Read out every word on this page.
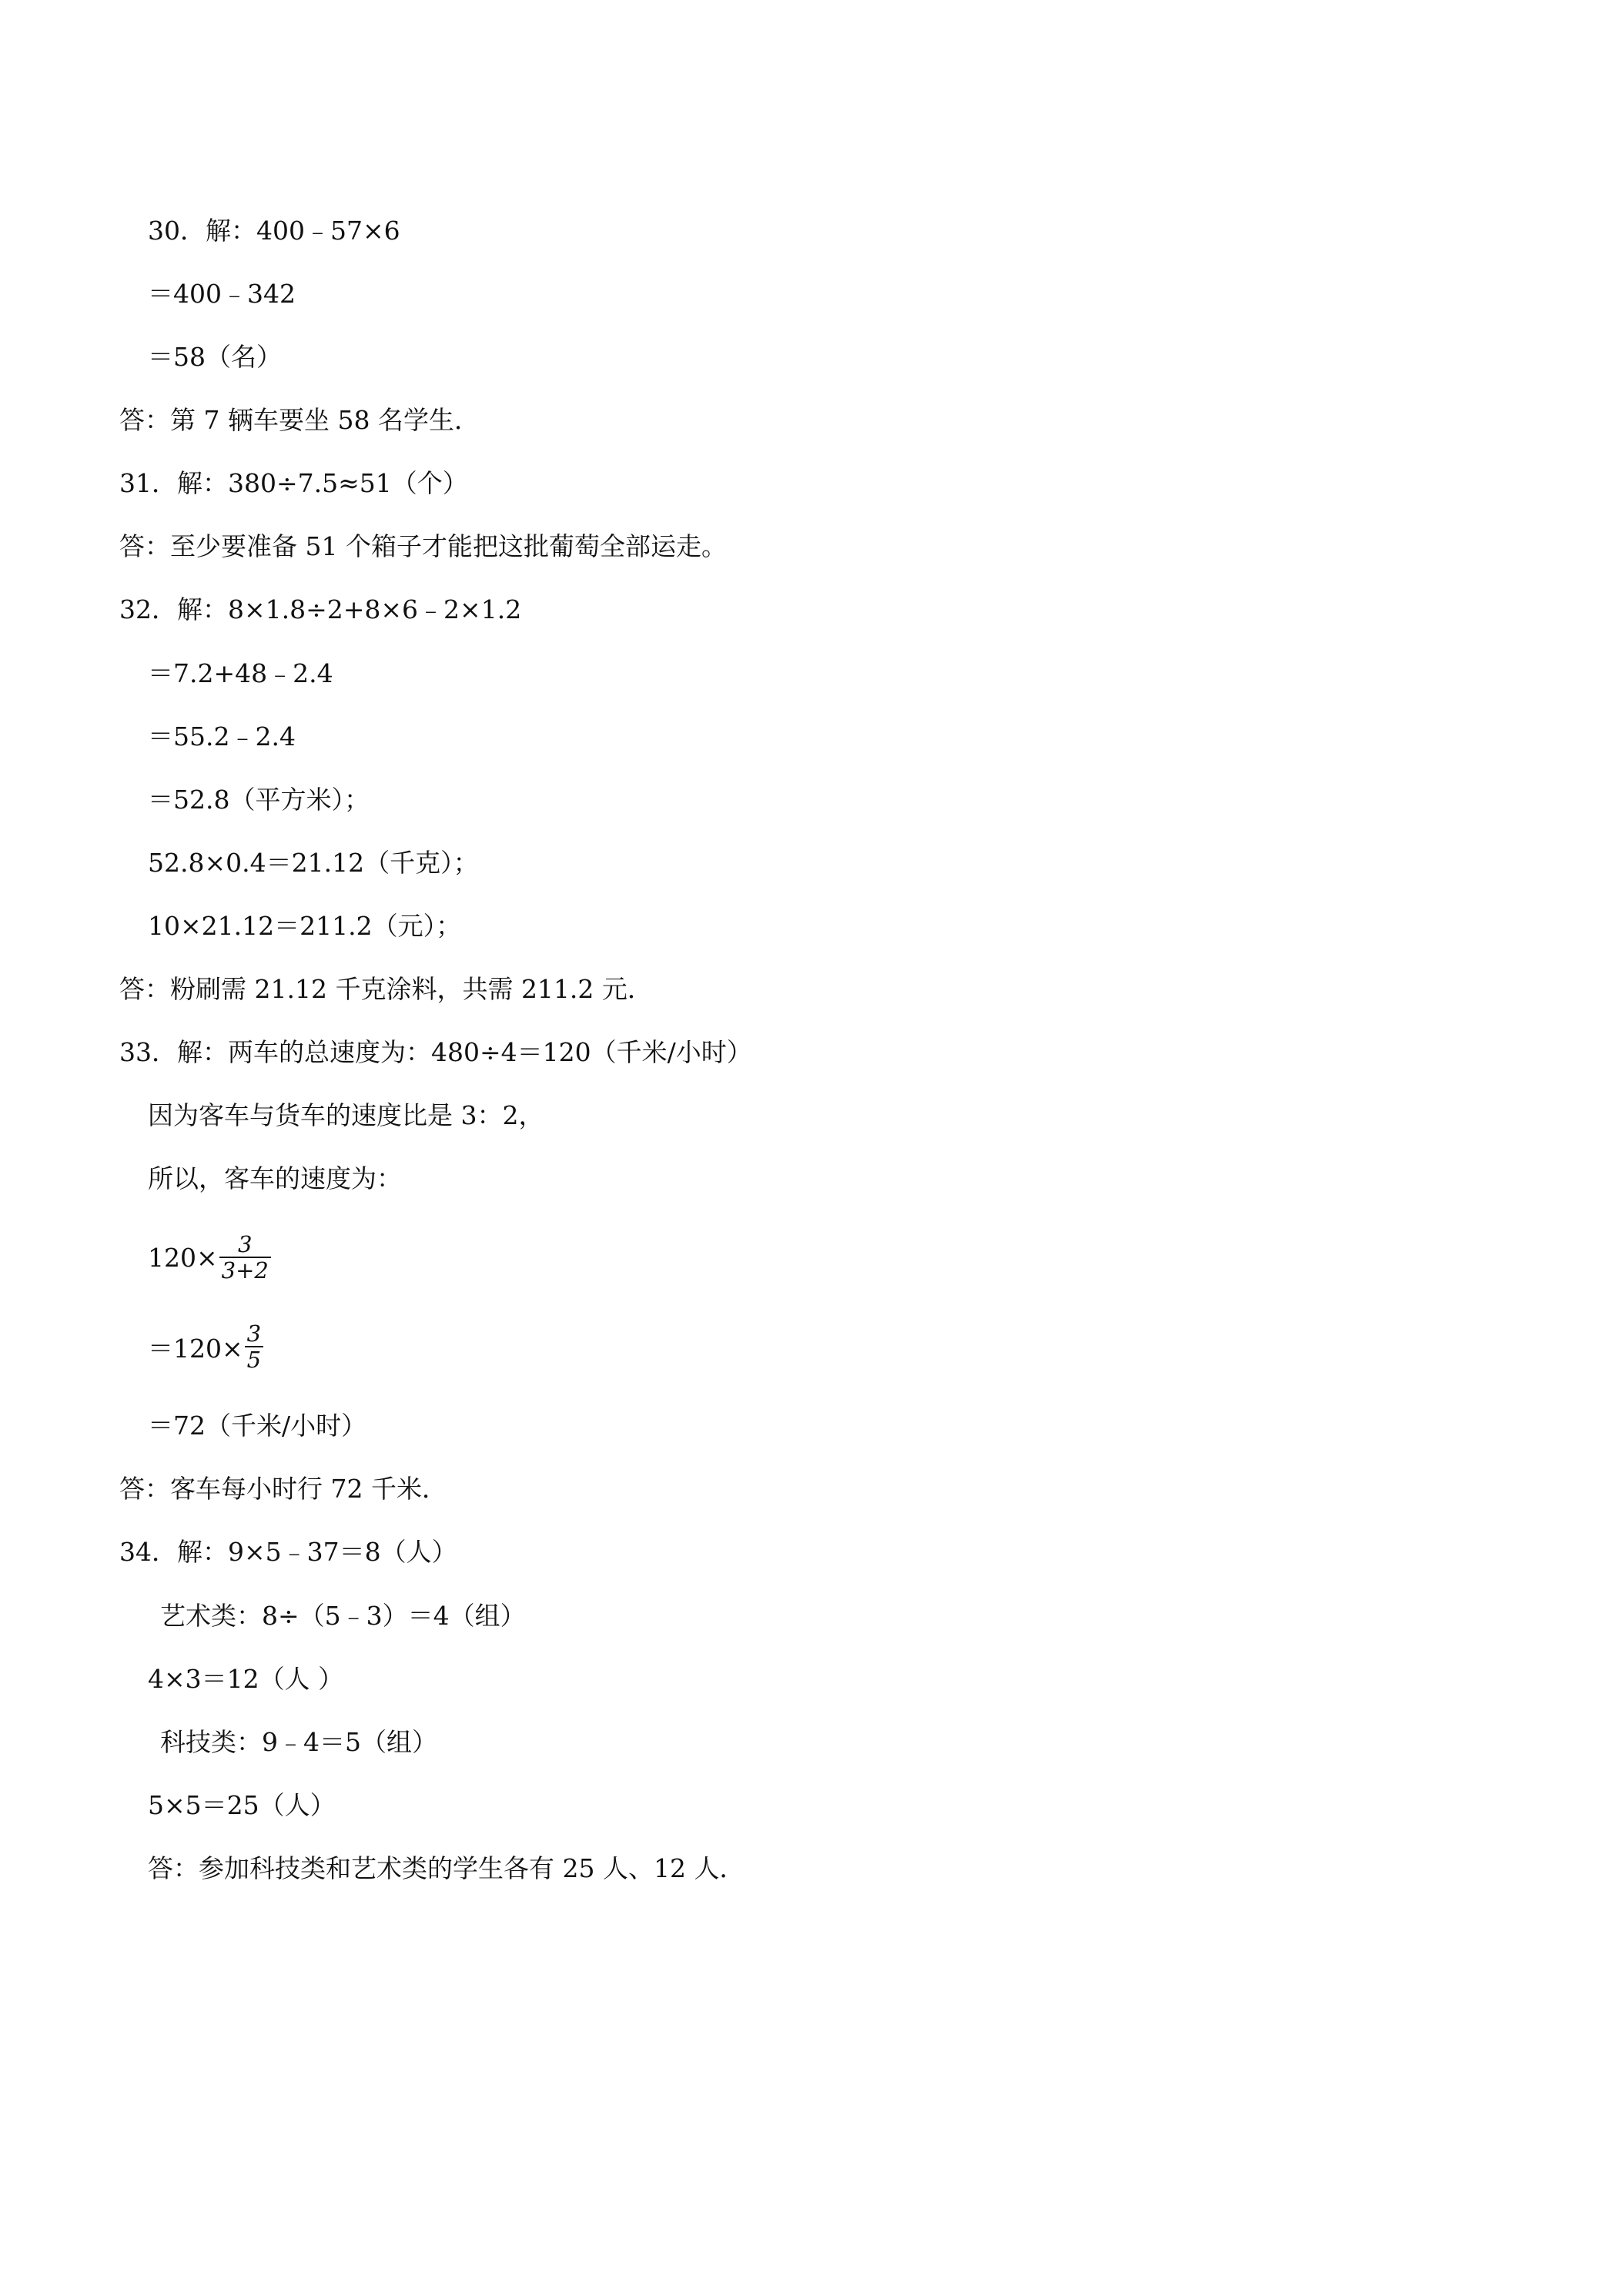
30．解：400﹣57×6
＝400﹣342
＝58（名）
答：第 7 辆车要坐 58 名学生．
31．解：380÷7.5≈51（个）
答：至少要准备 51 个箱子才能把这批葡萄全部运走。
32．解：8×1.8÷2+8×6﹣2×1.2
＝7.2+48﹣2.4
＝55.2﹣2.4
＝52.8（平方米）；
52.8×0.4＝21.12（千克）；
10×21.12＝211.2（元）；
答：粉刷需 21.12 千克涂料，共需 211.2 元．
33．解：两车的总速度为：480÷4＝120（千米/小时）
因为客车与货车的速度比是 3：2，
所以，客车的速度为：
$120\times \frac{3}{3+2}$
$=120\times \frac{3}{5}$
＝72（千米/小时）
答：客车每小时行 72 千米．
34．解：9×5﹣37＝8（人）
艺术类：8÷（5﹣3）＝4（组）
4×3＝12（人 ）
科技类：9﹣4＝5（组）
5×5＝25（人）
答：参加科技类和艺术类的学生各有 25 人、12 人．
